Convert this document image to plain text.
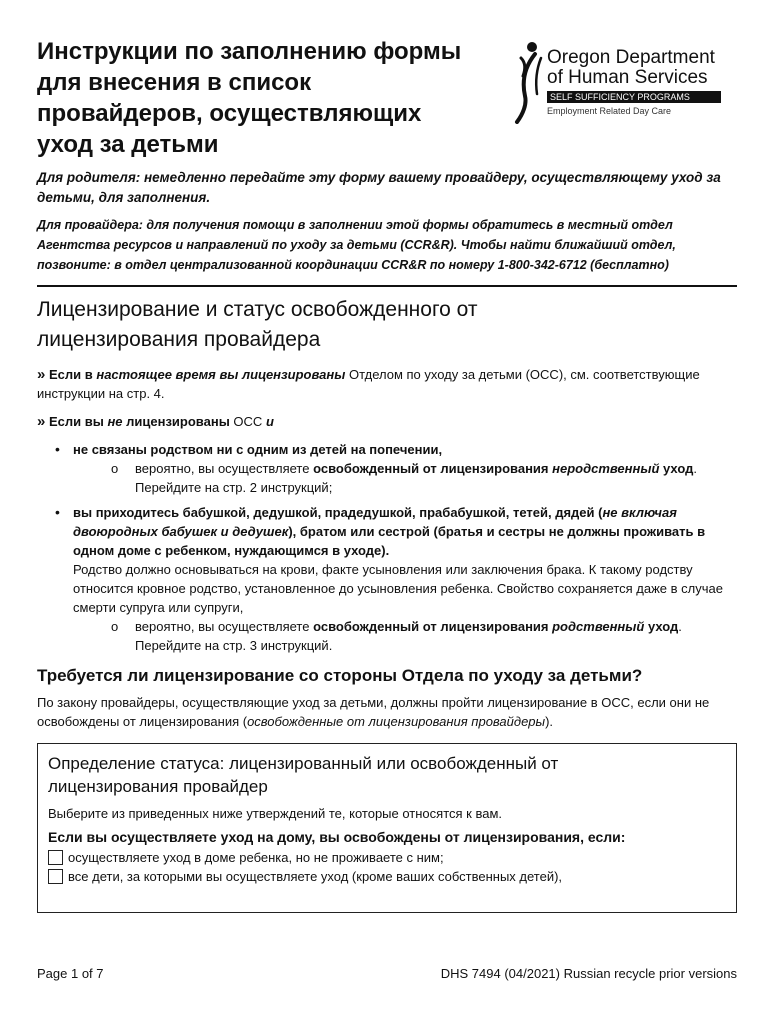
Инструкции по заполнению формы для внесения в список провайдеров, осуществляющих уход за детьми
Oregon Department
of Human Services
SELF SUFFICIENCY PROGRAMS
Employment Related Day Care

Для родителя: немедленно передайте эту форму вашему провайдеру, осуществляющему уход за детьми, для заполнения.

Для провайдера: для получения помощи в заполнении этой формы обратитесь в местный отдел Агентства ресурсов и направлений по уходу за детьми (CCR&R). Чтобы найти ближайший отдел, позвоните: в отдел централизованной координации CCR&R по номеру 1-800-342-6712 (бесплатно)

Лицензирование и статус освобожденного от лицензирования провайдера
» Если в настоящее время вы лицензированы Отделом по уходу за детьми (OCC), см. соответствующие инструкции на стр. 4.
» Если вы не лицензированы OCC и
• не связаны родством ни с одним из детей на попечении,
o вероятно, вы осуществляете освобожденный от лицензирования неродственный уход. Перейдите на стр. 2 инструкций;
• вы приходитесь бабушкой, дедушкой, прадедушкой, прабабушкой, тетей, дядей (не включая двоюродных бабушек и дедушек), братом или сестрой (братья и сестры не должны проживать в одном доме с ребенком, нуждающимся в уходе).
Родство должно основываться на крови, факте усыновления или заключения брака. К такому родству относится кровное родство, установленное до усыновления ребенка. Свойство сохраняется даже в случае смерти супруга или супруги,
o вероятно, вы осуществляете освобожденный от лицензирования родственный уход. Перейдите на стр. 3 инструкций.
Требуется ли лицензирование со стороны Отдела по уходу за детьми?
По закону провайдеры, осуществляющие уход за детьми, должны пройти лицензирование в OCC, если они не освобождены от лицензирования (освобожденные от лицензирования провайдеры).
Определение статуса: лицензированный или освобожденный от лицензирования провайдер
Выберите из приведенных ниже утверждений те, которые относятся к вам.
Если вы осуществляете уход на дому, вы освобождены от лицензирования, если:
осуществляете уход в доме ребенка, но не проживаете с ним;
все дети, за которыми вы осуществляете уход (кроме ваших собственных детей),
Page 1 of 7	DHS 7494 (04/2021) Russian recycle prior versions
